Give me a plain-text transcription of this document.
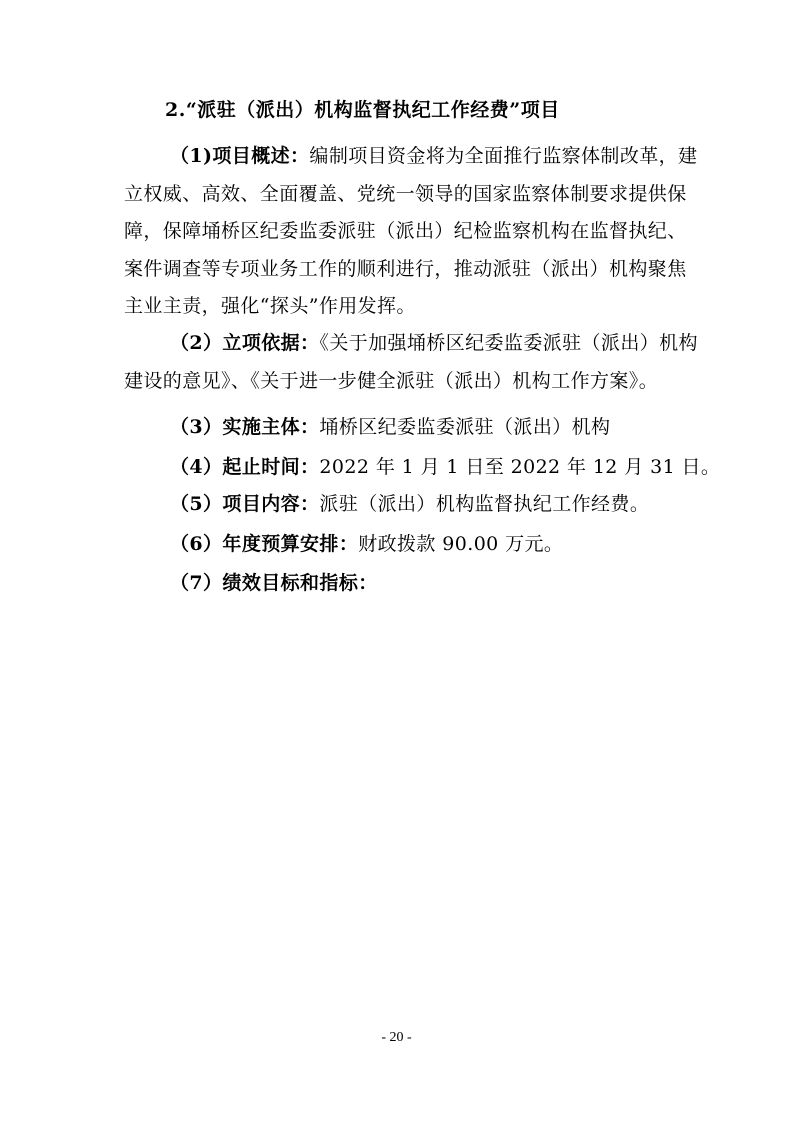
2.“派驻（派出）机构监督执纪工作经费”项目
（1)项目概述：编制项目资金将为全面推行监察体制改革，建立权威、高效、全面覆盖、党统一领导的国家监察体制要求提供保障，保障埇桥区纪委监委派驻（派出）纪检监察机构在监督执纪、案件调查等专项业务工作的顺利进行，推动派驻（派出）机构聚焦主业主责，强化“探头”作用发挥。
（2）立项依据：《关于加强埇桥区纪委监委派驻（派出）机构建设的意见》、《关于进一步健全派驻（派出）机构工作方案》。
（3）实施主体：埇桥区纪委监委派驻（派出）机构
（4）起止时间：2022 年 1 月 1 日至 2022 年 12 月 31 日。
（5）项目内容：派驻（派出）机构监督执纪工作经费。
（6）年度预算安排：财政拨款 90.00 万元。
（7）绩效目标和指标：
- 20 -
